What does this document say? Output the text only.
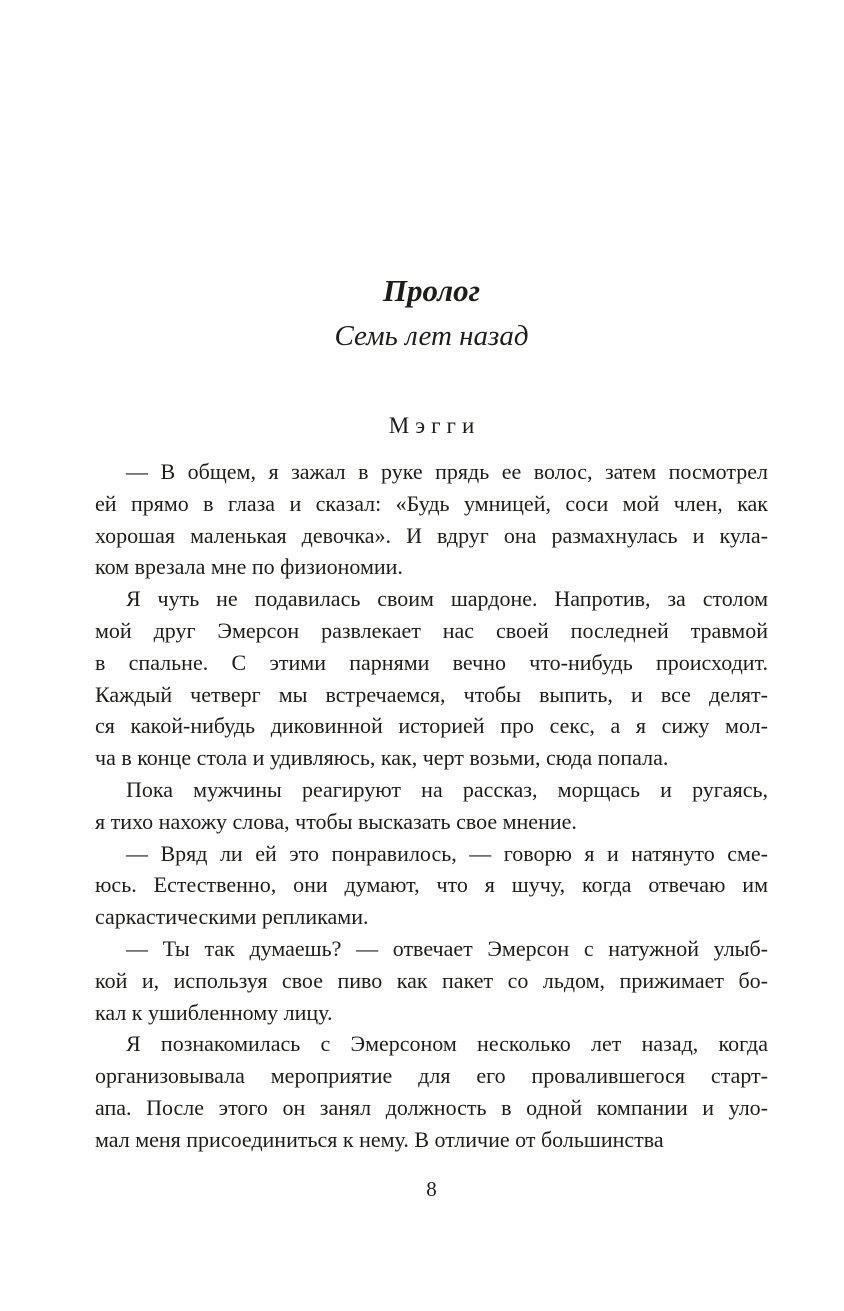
Пролог
Семь лет назад
Мэгги

— В общем, я зажал в руке прядь ее волос, затем посмотрел
ей прямо в глаза и сказал: «Будь умницей, соси мой член, как
хорошая маленькая девочка». И вдруг она размахнулась и кула-
ком врезала мне по физиономии.

Я чуть не подавилась своим шардоне. Напротив, за столом
мой друг Эмерсон развлекает нас своей последней травмой
в спальне. С этими парнями вечно что-нибудь происходит.
Каждый четверг мы встречаемся, чтобы выпить, и все делят-
ся какой-нибудь диковинной историей про секс, а я сижу мол-
ча в конце стола и удивляюсь, как, черт возьми, сюда попала.

Пока мужчины реагируют на рассказ, морщась и ругаясь,
я тихо нахожу слова, чтобы высказать свое мнение.

— Вряд ли ей это понравилось, — говорю я и натянуто сме-
юсь. Естественно, они думают, что я шучу, когда отвечаю им
саркастическими репликами.

— Ты так думаешь? — отвечает Эмерсон с натужной улыб-
кой и, используя свое пиво как пакет со льдом, прижимает бо-
кал к ушибленному лицу.

Я познакомилась с Эмерсоном несколько лет назад, когда
организовывала мероприятие для его провалившегося старт-
апа. После этого он занял должность в одной компании и уло-
мал меня присоединиться к нему. В отличие от большинства

8
